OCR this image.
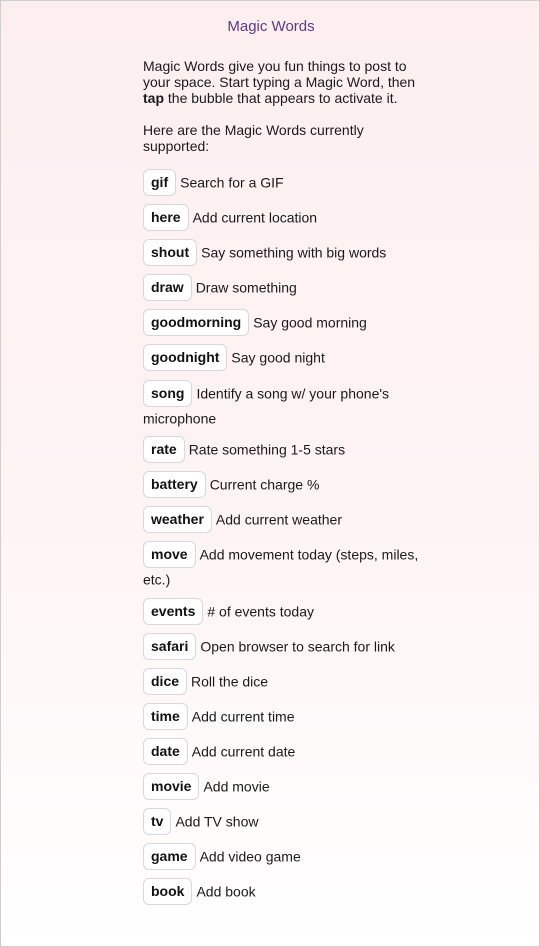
Magic Words

Magic Words give you fun things to post to your space. Start typing a Magic Word, then tap the bubble that appears to activate it.

Here are the Magic Words currently supported:

gif Search for a GIF
here Add current location
shout Say something with big words
draw Draw something
goodmorning Say good morning
goodnight Say good night
song Identify a song w/ your phone's microphone
rate Rate something 1-5 stars
battery Current charge %
weather Add current weather
move Add movement today (steps, miles, etc.)
events # of events today
safari Open browser to search for link
dice Roll the dice
time Add current time
date Add current date
movie Add movie
tv Add TV show
game Add video game
book Add book
